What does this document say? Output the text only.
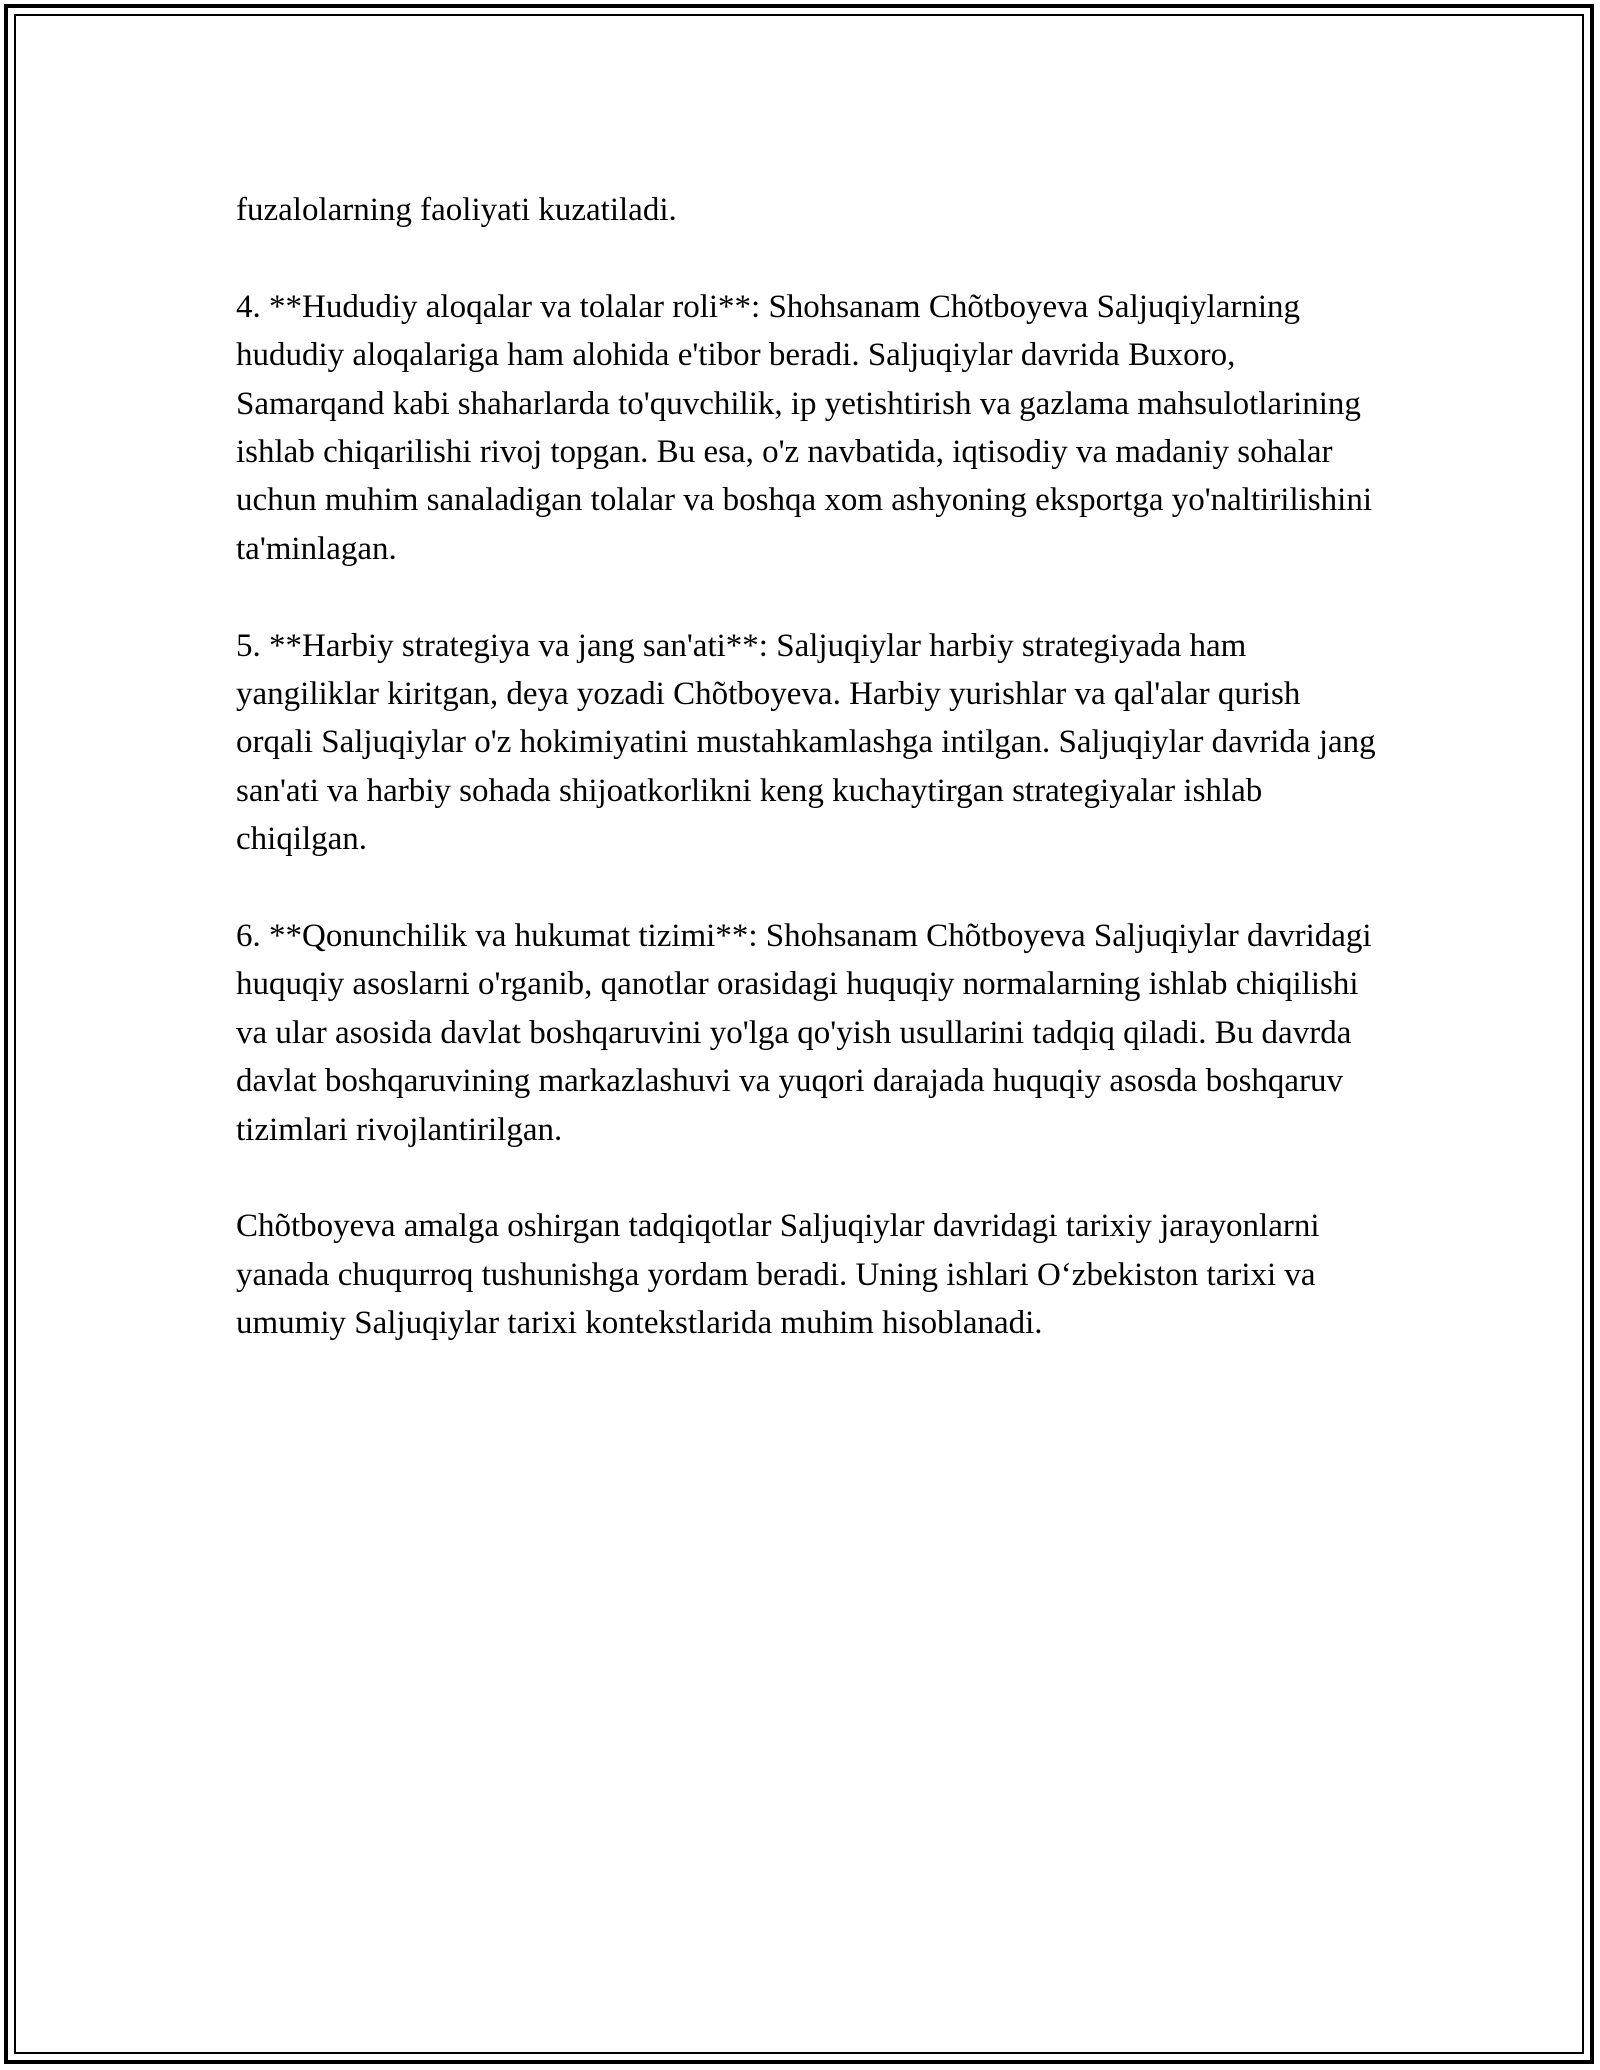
fuzalolarning faoliyati kuzatiladi.

4. **Hududiy aloqalar va tolalar roli**: Shohsanam Chõtboyeva Saljuqiylarning hududiy aloqalariga ham alohida e'tibor beradi. Saljuqiylar davrida Buxoro, Samarqand kabi shaharlarda to'quvchilik, ip yetishtirish va gazlama mahsulotlarining ishlab chiqarilishi rivoj topgan. Bu esa, o'z navbatida, iqtisodiy va madaniy sohalar uchun muhim sanaladigan tolalar va boshqa xom ashyoning eksportga yo'naltirilishini ta'minlagan.

5. **Harbiy strategiya va jang san'ati**: Saljuqiylar harbiy strategiyada ham yangiliklar kiritgan, deya yozadi Chõtboyeva. Harbiy yurishlar va qal'alar qurish orqali Saljuqiylar o'z hokimiyatini mustahkamlashga intilgan. Saljuqiylar davrida jang san'ati va harbiy sohada shijoatkorlikni keng kuchaytirgan strategiyalar ishlab chiqilgan.

6. **Qonunchilik va hukumat tizimi**: Shohsanam Chõtboyeva Saljuqiylar davridagi huquqiy asoslarni o'rganib, qanotlar orasidagi huquqiy normalarning ishlab chiqilishi va ular asosida davlat boshqaruvini yo'lga qo'yish usullarini tadqiq qiladi. Bu davrda davlat boshqaruvining markazlashuvi va yuqori darajada huquqiy asosda boshqaruv tizimlari rivojlantirilgan.

Chõtboyeva amalga oshirgan tadqiqotlar Saljuqiylar davridagi tarixiy jarayonlarni yanada chuqurroq tushunishga yordam beradi. Uning ishlari O‘zbekiston tarixi va umumiy Saljuqiylar tarixi kontekstlarida muhim hisoblanadi.
